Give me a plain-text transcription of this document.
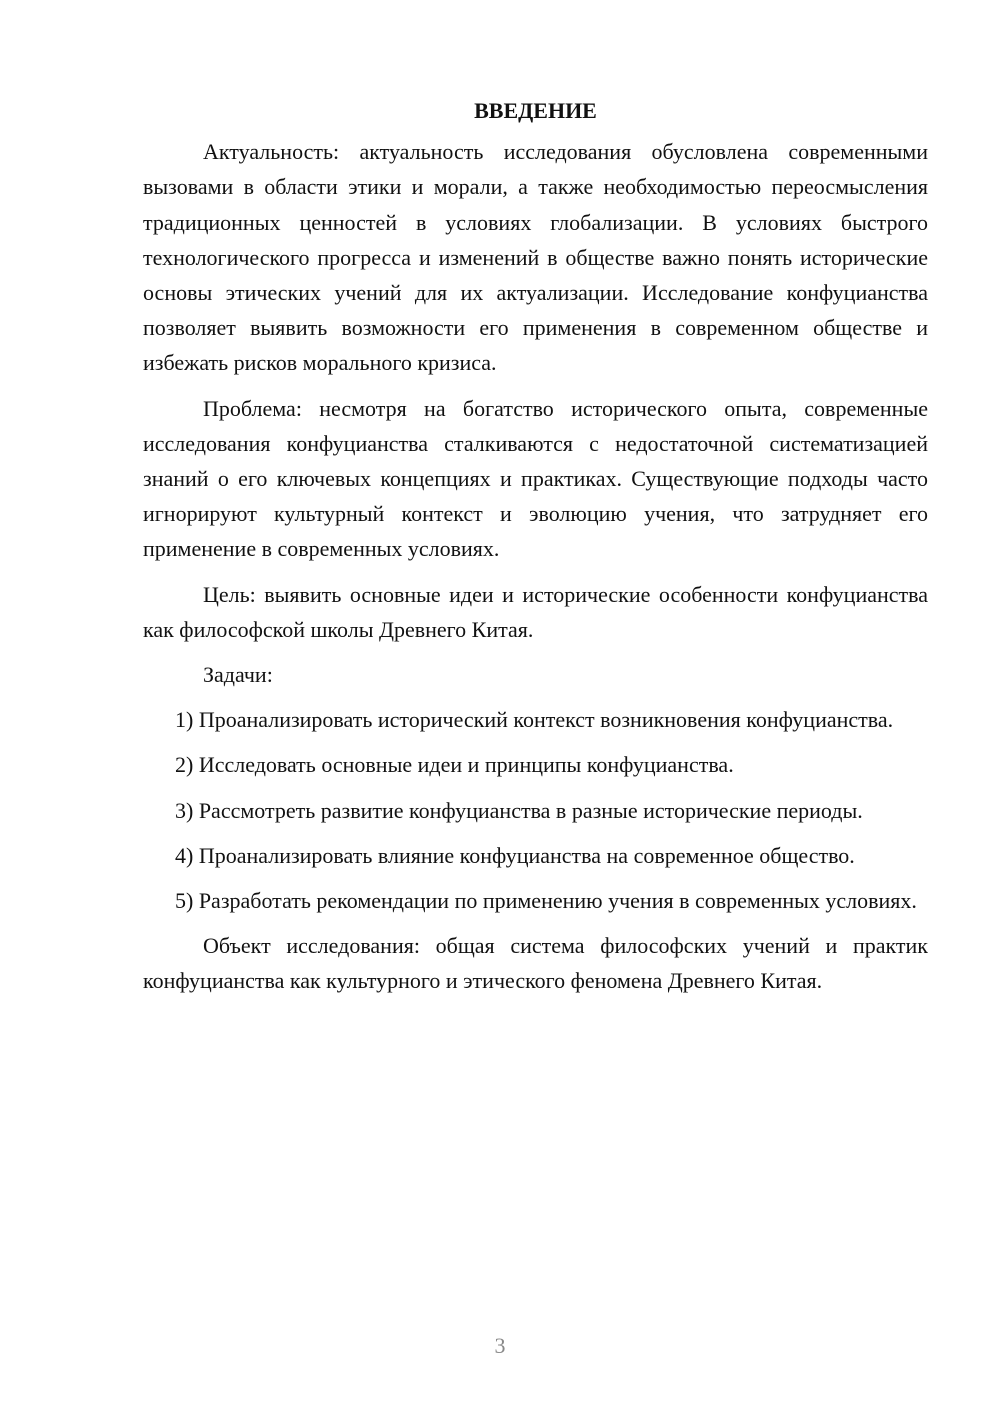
ВВЕДЕНИЕ

Актуальность: актуальность исследования обусловлена современными вызовами в области этики и морали, а также необходимостью переосмысления традиционных ценностей в условиях глобализации. В условиях быстрого технологического прогресса и изменений в обществе важно понять исторические основы этических учений для их актуализации. Исследование конфуцианства позволяет выявить возможности его применения в современном обществе и избежать рисков морального кризиса.

Проблема: несмотря на богатство исторического опыта, современные исследования конфуцианства сталкиваются с недостаточной систематизацией знаний о его ключевых концепциях и практиках. Существующие подходы часто игнорируют культурный контекст и эволюцию учения, что затрудняет его применение в современных условиях.

Цель: выявить основные идеи и исторические особенности конфуцианства как философской школы Древнего Китая.

Задачи:

1) Проанализировать исторический контекст возникновения конфуцианства.

2) Исследовать основные идеи и принципы конфуцианства.

3) Рассмотреть развитие конфуцианства в разные исторические периоды.

4) Проанализировать влияние конфуцианства на современное общество.

5) Разработать рекомендации по применению учения в современных условиях.

Объект исследования: общая система философских учений и практик конфуцианства как культурного и этического феномена Древнего Китая.

3
